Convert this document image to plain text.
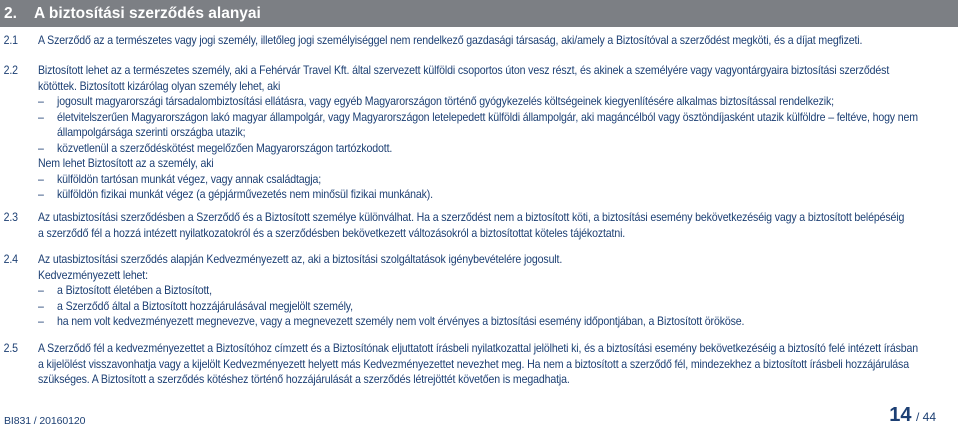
2. A biztosítási szerződés alanyai
2.1 A Szerződő az a természetes vagy jogi személy, illetőleg jogi személyiséggel nem rendelkező gazdasági társaság, aki/amely a Biztosítóval a szerződést megköti, és a díjat megfizeti.
2.2 Biztosított lehet az a természetes személy, aki a Fehérvár Travel Kft. által szervezett külföldi csoportos úton vesz részt, és akinek a személyére vagy vagyontárgyaira biztosítási szerződést
kötöttek. Biztosított kizárólag olyan személy lehet, aki
– jogosult magyarországi társadalombiztosítási ellátásra, vagy egyéb Magyarországon történő gyógykezelés költségeinek kiegyenlítésére alkalmas biztosítással rendelkezik;
– életvitelszerűen Magyarországon lakó magyar állampolgár, vagy Magyarországon letelepedett külföldi állampolgár, aki magáncélból vagy ösztöndíjasként utazik külföldre – feltéve, hogy nem
állampolgársága szerinti országba utazik;
– közvetlenül a szerződéskötést megelőzően Magyarországon tartózkodott.
Nem lehet Biztosított az a személy, aki
– külföldön tartósan munkát végez, vagy annak családtagja;
– külföldön fizikai munkát végez (a gépjárművezetés nem minősül fizikai munkának).
2.3 Az utasbiztosítási szerződésben a Szerződő és a Biztosított személye különválhat. Ha a szerződést nem a biztosított köti, a biztosítási esemény bekövetkezéséig vagy a biztosított belépéséig
a szerződő fél a hozzá intézett nyilatkozatokról és a szerződésben bekövetkezett változásokról a biztosítottat köteles tájékoztatni.
2.4 Az utasbiztosítási szerződés alapján Kedvezményezett az, aki a biztosítási szolgáltatások igénybevételére jogosult.
Kedvezményezett lehet:
– a Biztosított életében a Biztosított,
– a Szerződő által a Biztosított hozzájárulásával megjelölt személy,
– ha nem volt kedvezményezett megnevezve, vagy a megnevezett személy nem volt érvényes a biztosítási esemény időpontjában, a Biztosított örököse.
2.5 A Szerződő fél a kedvezményezettet a Biztosítóhoz címzett és a Biztosítónak eljuttatott írásbeli nyilatkozattal jelölheti ki, és a biztosítási esemény bekövetkezéséig a biztosító felé intézett írásban
a kijelölést visszavonhatja vagy a kijelölt Kedvezményezett helyett más Kedvezményezettet nevezhet meg. Ha nem a biztosított a szerződő fél, mindezekhez a biztosított írásbeli hozzájárulása
szükséges. A Biztosított a szerződés kötéshez történő hozzájárulását a szerződés létrejöttét követően is megadhatja.
BI831 / 20160120	14 / 44
